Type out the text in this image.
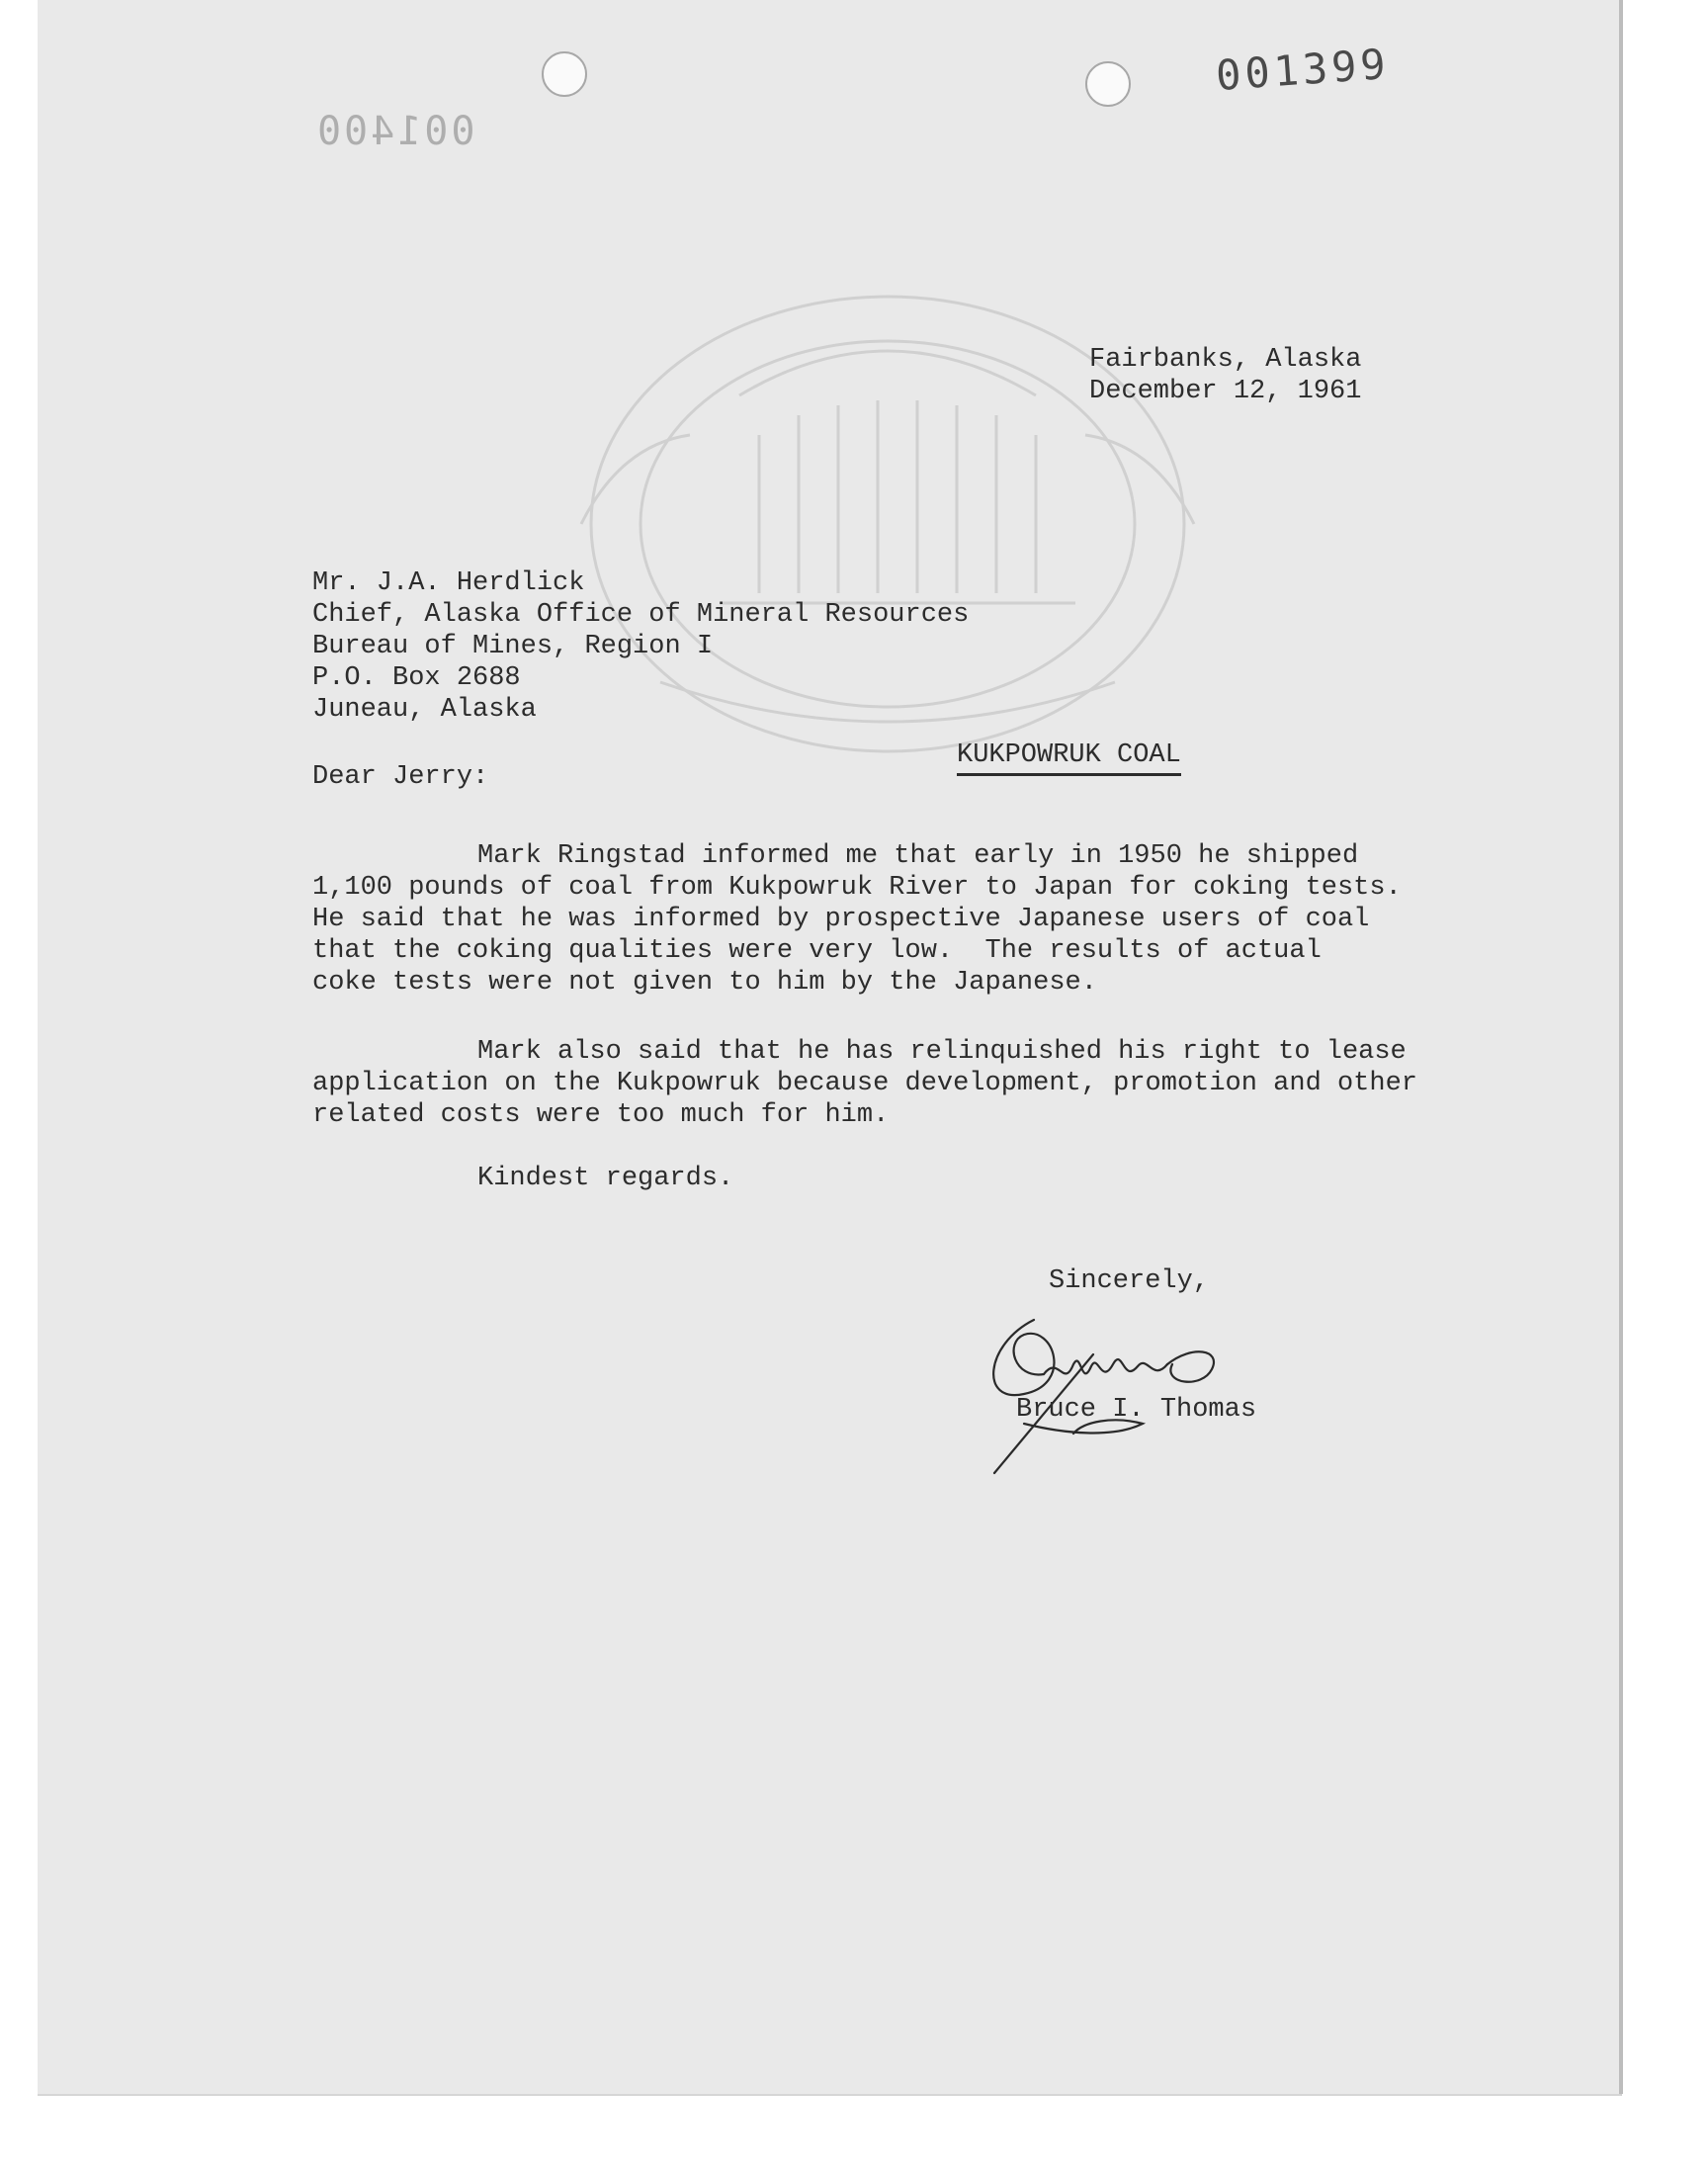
001399
001400
Fairbanks, Alaska
December 12, 1961
Mr. J.A. Herdlick
Chief, Alaska Office of Mineral Resources
Bureau of Mines, Region I
P.O. Box 2688
Juneau, Alaska
KUKPOWRUK COAL
Dear Jerry:
Mark Ringstad informed me that early in 1950 he shipped
1,100 pounds of coal from Kukpowruk River to Japan for coking tests.
He said that he was informed by prospective Japanese users of coal
that the coking qualities were very low.  The results of actual
coke tests were not given to him by the Japanese.
Mark also said that he has relinquished his right to lease
application on the Kukpowruk because development, promotion and other
related costs were too much for him.
Kindest regards.
Sincerely,
Bruce I. Thomas
